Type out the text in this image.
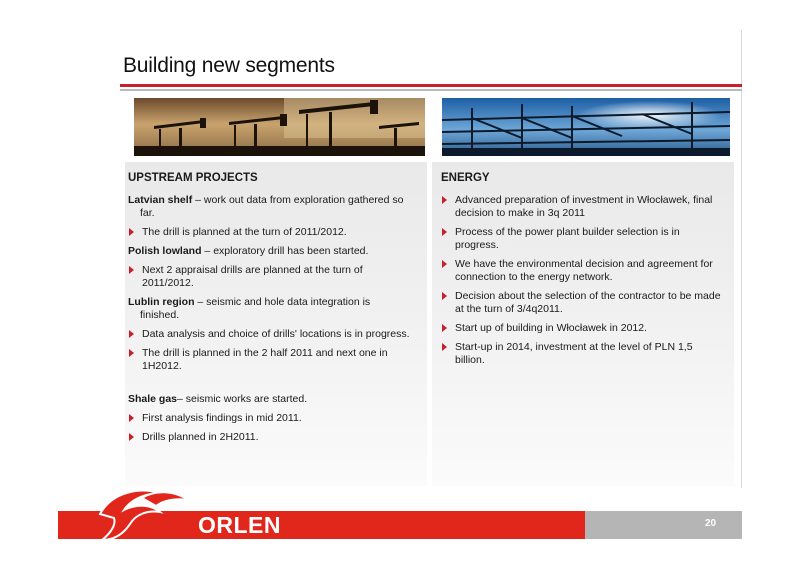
Building new segments
UPSTREAM PROJECTS

Latvian shelf – work out data from exploration gathered so far.

The drill is planned at the turn of 2011/2012.

Polish lowland – exploratory drill has been started.

Next 2 appraisal drills are planned at the turn of 2011/2012.

Lublin region – seismic and hole data integration is finished.

Data analysis and choice of drills' locations is in progress.
The drill is planned in the 2 half 2011 and next one in 1H2012.

Shale gas– seismic works are started.

First analysis findings in mid 2011.
Drills planned in 2H2011.
ENERGY
Advanced preparation of investment in Włocławek, final decision to make in 3q 2011
Process of the power plant builder selection is in progress.
We have the environmental decision and agreement for connection to the energy network.
Decision about the selection of the contractor to be made at the turn of 3/4q2011.
Start up of building in Włocławek in 2012.
Start-up in 2014, investment at the level of PLN 1,5 billion.
ORLEN	20
